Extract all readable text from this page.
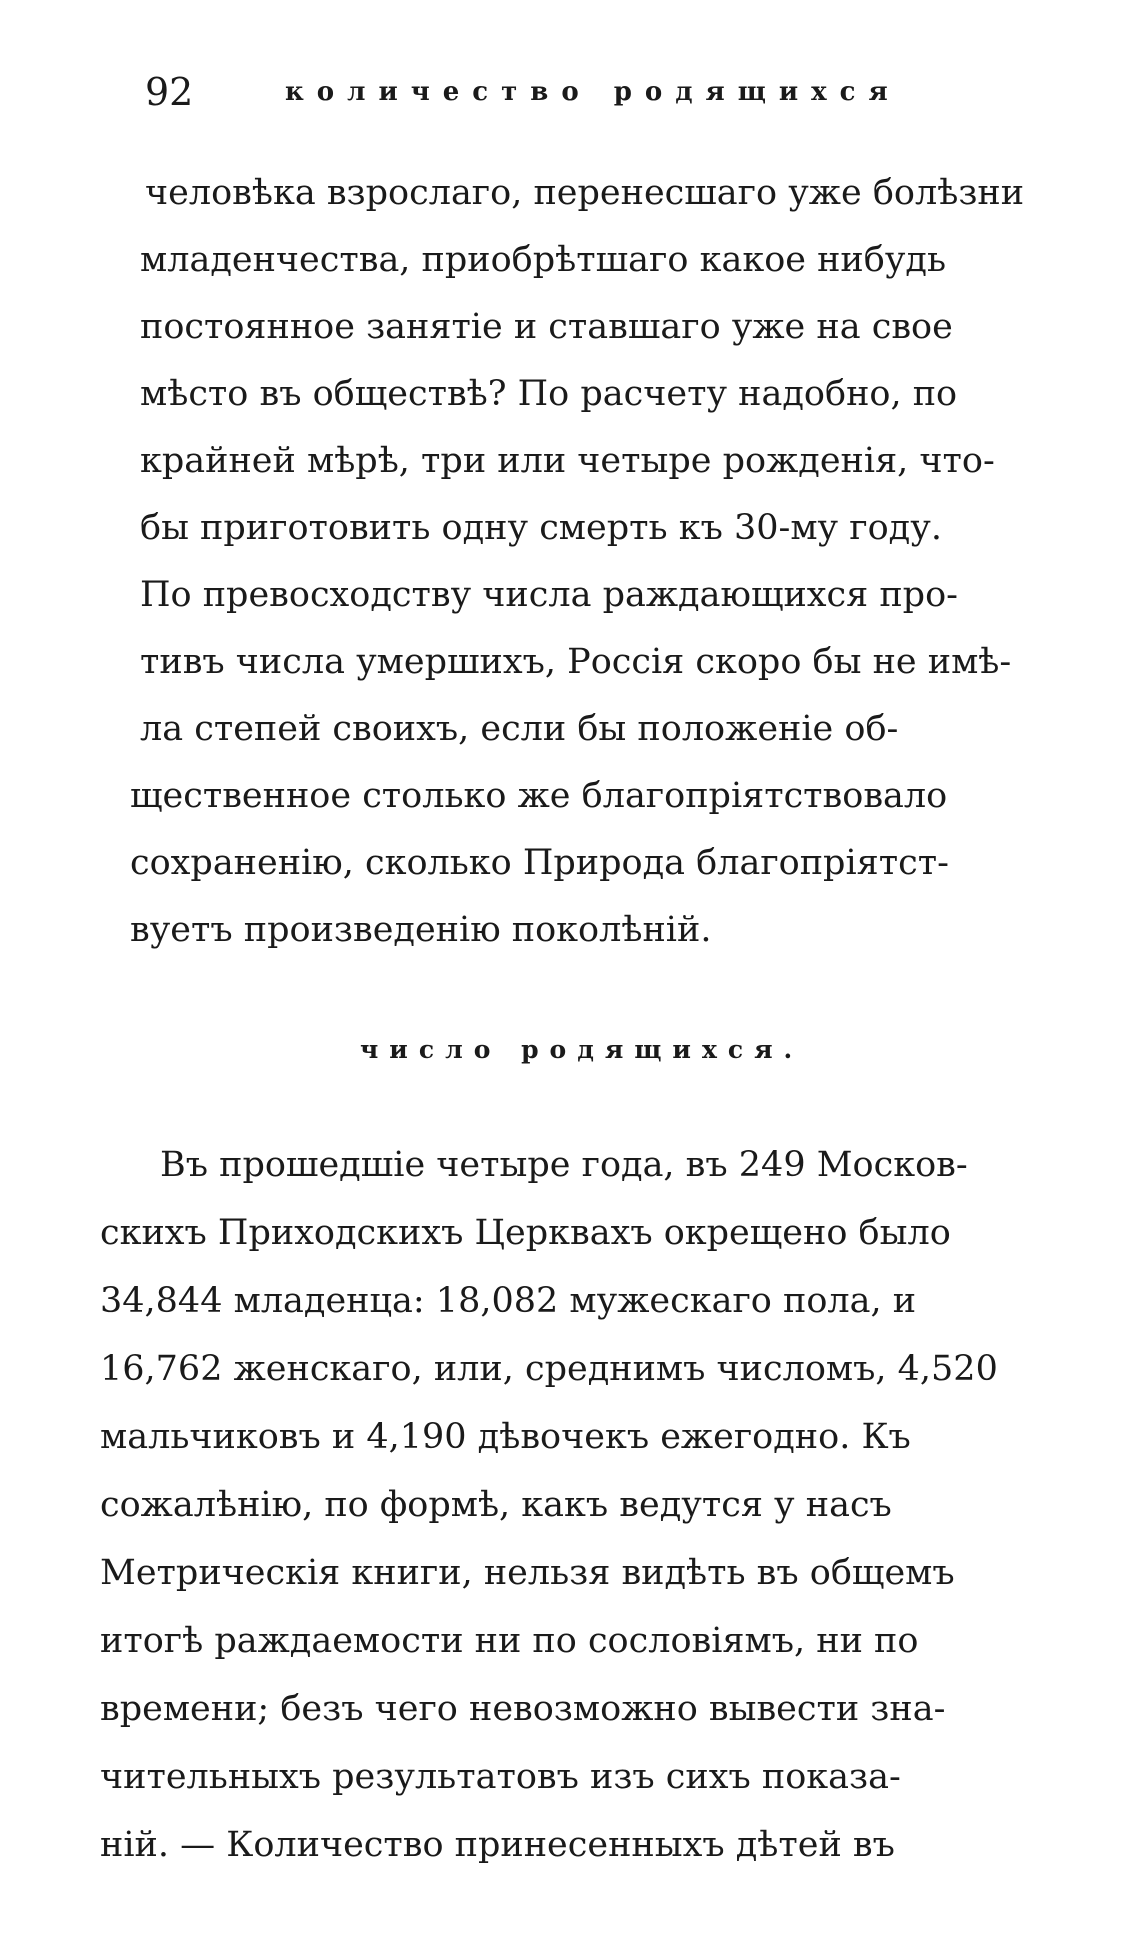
92	количество родящихся
человѣка взрослаго, перенесшаго уже болѣзни
младенчества, приобрѣтшаго какое нибудь
постоянное занятіе и ставшаго уже на свое
мѣсто въ обществѣ? По расчету надобно, по
крайней мѣрѣ, три или четыре рожденія, что-
бы приготовить одну смерть къ 30-му году.
По превосходству числа раждающихся про-
тивъ числа умершихъ, Россія скоро бы не имѣ-
ла степей своихъ, если бы положеніе об-
щественное столько же благопріятствовало
сохраненію, сколько Природа благопріятст-
вуетъ произведенію поколѣній.
число родящихся.
Въ прошедшіе четыре года, въ 249 Москов-
скихъ Приходскихъ Церквахъ окрещено было
34,844 младенца: 18,082 мужескаго пола, и
16,762 женскаго, или, среднимъ числомъ, 4,520
мальчиковъ и 4,190 дѣвочекъ ежегодно. Къ
сожалѣнію, по формѣ, какъ ведутся у насъ
Метрическія книги, нельзя видѣть въ общемъ
итогѣ раждаемости ни по сословіямъ, ни по
времени; безъ чего невозможно вывести зна-
чительныхъ результатовъ изъ сихъ показа-
ній. — Количество принесенныхъ дѣтей въ
